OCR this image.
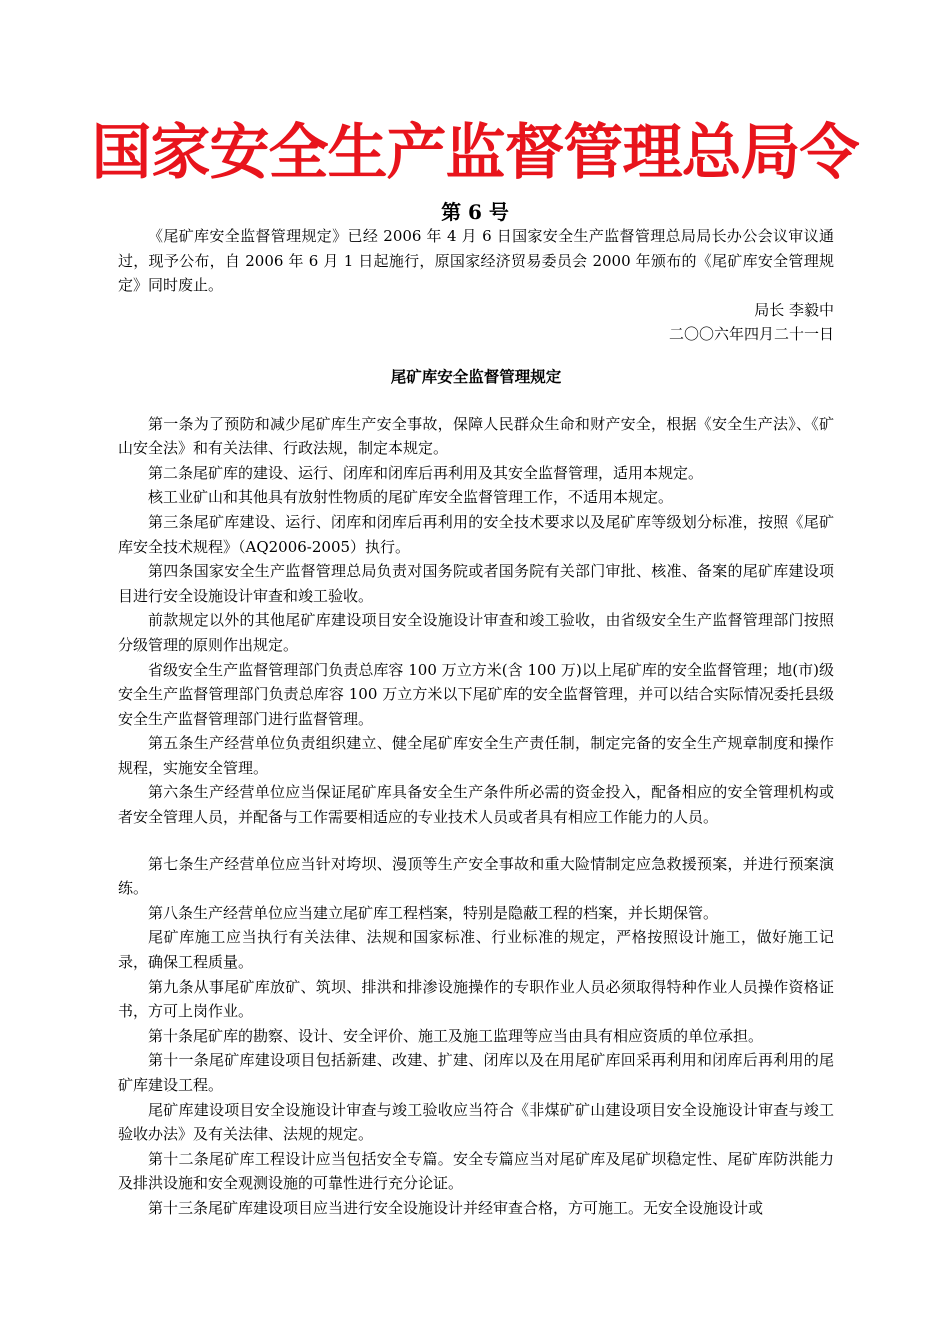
国家安全生产监督管理总局令
第 6 号

《尾矿库安全监督管理规定》已经 2006 年 4 月 6 日国家安全生产监督管理总局局长办公会议审议通过，现予公布，自 2006 年 6 月 1 日起施行，原国家经济贸易委员会 2000 年颁布的《尾矿库安全管理规定》同时废止。

局长 李毅中

二〇〇六年四月二十一日

尾矿库安全监督管理规定

第一条为了预防和减少尾矿库生产安全事故，保障人民群众生命和财产安全，根据《安全生产法》、《矿山安全法》和有关法律、行政法规，制定本规定。

第二条尾矿库的建设、运行、闭库和闭库后再利用及其安全监督管理，适用本规定。

核工业矿山和其他具有放射性物质的尾矿库安全监督管理工作，不适用本规定。

第三条尾矿库建设、运行、闭库和闭库后再利用的安全技术要求以及尾矿库等级划分标准，按照《尾矿库安全技术规程》（AQ2006-2005）执行。

第四条国家安全生产监督管理总局负责对国务院或者国务院有关部门审批、核准、备案的尾矿库建设项目进行安全设施设计审查和竣工验收。

前款规定以外的其他尾矿库建设项目安全设施设计审查和竣工验收，由省级安全生产监督管理部门按照分级管理的原则作出规定。

省级安全生产监督管理部门负责总库容 100 万立方米(含 100 万)以上尾矿库的安全监督管理；地(市)级安全生产监督管理部门负责总库容 100 万立方米以下尾矿库的安全监督管理，并可以结合实际情况委托县级安全生产监督管理部门进行监督管理。

第五条生产经营单位负责组织建立、健全尾矿库安全生产责任制，制定完备的安全生产规章制度和操作规程，实施安全管理。

第六条生产经营单位应当保证尾矿库具备安全生产条件所必需的资金投入，配备相应的安全管理机构或者安全管理人员，并配备与工作需要相适应的专业技术人员或者具有相应工作能力的人员。

第七条生产经营单位应当针对垮坝、漫顶等生产安全事故和重大险情制定应急救援预案，并进行预案演练。

第八条生产经营单位应当建立尾矿库工程档案，特别是隐蔽工程的档案，并长期保管。

尾矿库施工应当执行有关法律、法规和国家标准、行业标准的规定，严格按照设计施工，做好施工记录，确保工程质量。

第九条从事尾矿库放矿、筑坝、排洪和排渗设施操作的专职作业人员必须取得特种作业人员操作资格证书，方可上岗作业。

第十条尾矿库的勘察、设计、安全评价、施工及施工监理等应当由具有相应资质的单位承担。

第十一条尾矿库建设项目包括新建、改建、扩建、闭库以及在用尾矿库回采再利用和闭库后再利用的尾矿库建设工程。

尾矿库建设项目安全设施设计审查与竣工验收应当符合《非煤矿矿山建设项目安全设施设计审查与竣工验收办法》及有关法律、法规的规定。

第十二条尾矿库工程设计应当包括安全专篇。安全专篇应当对尾矿库及尾矿坝稳定性、尾矿库防洪能力及排洪设施和安全观测设施的可靠性进行充分论证。

第十三条尾矿库建设项目应当进行安全设施设计并经审查合格，方可施工。无安全设施设计或
